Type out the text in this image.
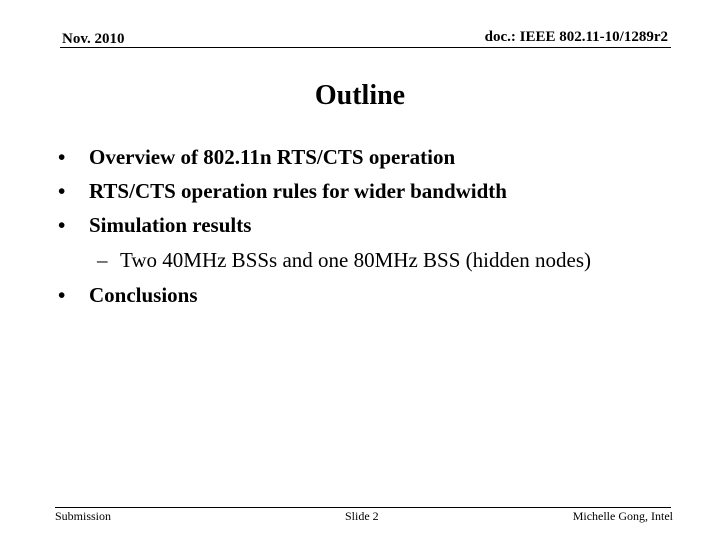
Nov. 2010	doc.: IEEE 802.11-10/1289r2
Outline
•	Overview of 802.11n RTS/CTS operation
•	RTS/CTS operation rules for wider bandwidth
•	Simulation results
– Two 40MHz BSSs and one 80MHz BSS (hidden nodes)
•	Conclusions
Submission	Slide 2	Michelle Gong, Intel
